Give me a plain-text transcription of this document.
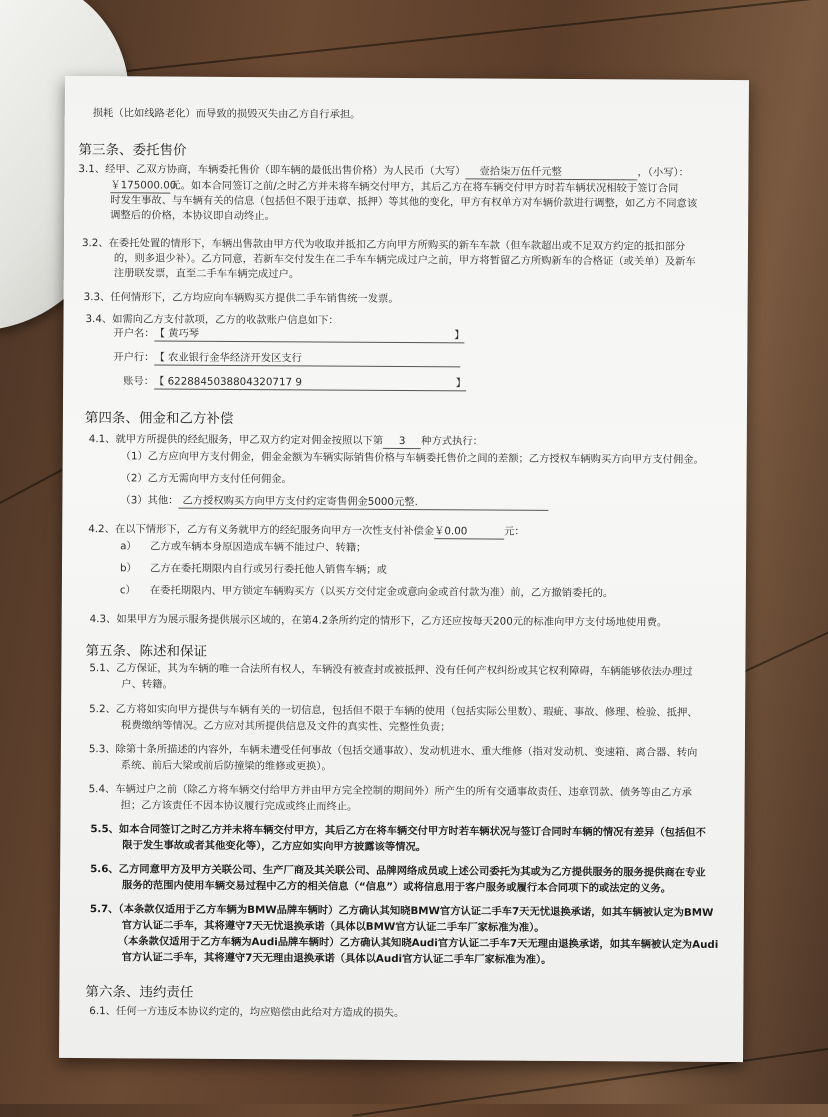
损耗（比如线路老化）而导致的损毁灭失由乙方自行承担。
第三条、委托售价
3.1、经甲、乙双方协商，车辆委托售价（即车辆的最低出售价格）为人民币（大写） 壹拾柒万伍仟元整	，（小写）：
￥175000.00元。如本合同签订之前/之时乙方并未将车辆交付甲方，其后乙方在将车辆交付甲方时若车辆状况相较于签订合同
时发生事故、与车辆有关的信息（包括但不限于违章、抵押）等其他的变化，甲方有权单方对车辆价款进行调整，如乙方不同意该
调整后的价格，本协议即自动终止。
3.2、在委托处置的情形下，车辆出售款由甲方代为收取并抵扣乙方向甲方所购买的新车车款（但车款超出或不足双方约定的抵扣部分
的，则多退少补）。乙方同意，若新车交付发生在二手车车辆完成过户之前，甲方将暂留乙方所购新车的合格证（或关单）及新车
注册联发票，直至二手车车辆完成过户。
3.3、任何情形下，乙方均应向车辆购买方提供二手车销售统一发票。
3.4、如需向乙方支付款项，乙方的收款账户信息如下：
开户名：【 黄巧琴	】
开户行：【 农业银行金华经济开发区支行
账号：【 6228845038804320717 9	】
第四条、佣金和乙方补偿
4.1、就甲方所提供的经纪服务，甲乙双方约定对佣金按照以下第 3 种方式执行：
（1）乙方应向甲方支付佣金，佣金金额为车辆实际销售价格与车辆委托售价之间的差额；乙方授权车辆购买方向甲方支付佣金。
（2）乙方无需向甲方支付任何佣金。
（3）其他： 乙方授权购买方向甲方支付约定寄售佣金5000元整.
4.2、在以下情形下，乙方有义务就甲方的经纪服务向甲方一次性支付补偿金￥0.00	元：
a） 乙方或车辆本身原因造成车辆不能过户、转籍；
b） 乙方在委托期限内自行或另行委托他人销售车辆；或
c） 在委托期限内、甲方锁定车辆购买方（以买方交付定金或意向金或首付款为准）前，乙方撤销委托的。
4.3、如果甲方为展示服务提供展示区域的，在第4.2条所约定的情形下，乙方还应按每天200元的标准向甲方支付场地使用费。
第五条、陈述和保证
5.1、乙方保证，其为车辆的唯一合法所有权人，车辆没有被查封或被抵押、没有任何产权纠纷或其它权利障碍，车辆能够依法办理过
户、转籍。
5.2、乙方将如实向甲方提供与车辆有关的一切信息，包括但不限于车辆的使用（包括实际公里数）、瑕疵、事故、修理、检验、抵押、
税费缴纳等情况。乙方应对其所提供信息及文件的真实性、完整性负责；
5.3、除第十条所描述的内容外，车辆未遭受任何事故（包括交通事故）、发动机进水、重大维修（指对发动机、变速箱、离合器、转向
系统、前后大梁或前后防撞梁的维修或更换）。
5.4、车辆过户之前（除乙方将车辆交付给甲方并由甲方完全控制的期间外）所产生的所有交通事故责任、违章罚款、债务等由乙方承
担；乙方该责任不因本协议履行完成或终止而终止。
5.5、如本合同签订之时乙方并未将车辆交付甲方，其后乙方在将车辆交付甲方时若车辆状况与签订合同时车辆的情况有差异（包括但不
限于发生事故或者其他变化等），乙方应如实向甲方披露该等情况。
5.6、乙方同意甲方及甲方关联公司、生产厂商及其关联公司、品牌网络成员或上述公司委托为其或为乙方提供服务的服务提供商在专业
服务的范围内使用车辆交易过程中乙方的相关信息（“信息”）或将信息用于客户服务或履行本合同项下的或法定的义务。
5.7、（本条款仅适用于乙方车辆为BMW品牌车辆时）乙方确认其知晓BMW官方认证二手车7天无忧退换承诺，如其车辆被认定为BMW
官方认证二手车，其将遵守7天无忧退换承诺（具体以BMW官方认证二手车厂家标准为准）。
（本条款仅适用于乙方车辆为Audi品牌车辆时）乙方确认其知晓Audi官方认证二手车7天无理由退换承诺，如其车辆被认定为Audi
官方认证二手车，其将遵守7天无理由退换承诺（具体以Audi官方认证二手车厂家标准为准）。
第六条、违约责任
6.1、任何一方违反本协议约定的，均应赔偿由此给对方造成的损失。
